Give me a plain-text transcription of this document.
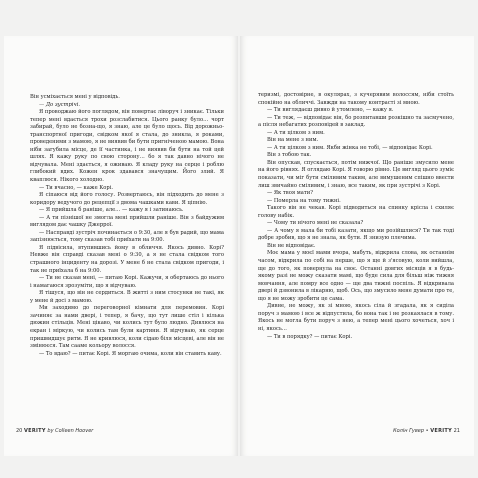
Він усміхається мені у відповідь.

— До зустрічі.

Я проводжаю його поглядом, він повертає ліворуч і зникає. Тільки тепер мені вдається трохи розслабитися. Цього ранку було… чорт забирай, було не бозна-що, я знаю, але це було щось. Від дорожньо-транспортної пригоди, свідком якої я стала, до зникла, я роками, проведеними з мамою, я не виявив би бути пригніченою мамою. Вона ніби загубила місце, де її частинка, і не виявив би бути на той цей шлях. Я кажу руку по свою сторону… бо я так давно нічого не відчувала. Мені здається, я оживаю. Я кладу руку на серце і роблю глибокий вдих. Кожен крок здавався значущим. Його злий. Я кваплюся. Нікого холодно.

— Ти вчасно, — каже Корі.

Я сіпаюся від його голосу. Розвертаюсь, він підходить до мене з коридору ведучого до рецепції з двома чашками кави. Я ціпнію.

— Я прийшла б раніше, але… — кажу я і затинаюсь.

— А ти пізнішої не змогла мені прийшли раніше. Він з байдужим виглядом дає чашку Джеррої.

— Насправді зустріч починається о 9:30, але я був радий, що мама запізнюється, тому сказав тобі приїхати на 9:00.

Я підвісила, втупившись йому в обличчя. Якось дивно. Корі? Невже він справді сказав мені о 9:30, а я не стала свідком того страшного інциденту на дорозі. У мене б не стала свідком пригоди, і так не приїхала б на 9:00.

— Ти не сказав мені, — питаю Корі. Кажучи, я обертаюсь до нього і намагаюся зрозуміти, що я відчуваю.

Я тішуся, що він не сердиться. В житті з ним стосунки не такі, як у мене й досі з мамою.

Ми заходимо до переговорної кімнати для перемовин. Корі зачиняє за нами двері, і тепер, я бачу, що тут лише стіл і кілька дюжин стільців. Мені цікаво, чи колись тут було людно. Дивлюся на екран і міркую, чи колись там були картини. Я відчуваю, як серце пришвидшує ритм. Я не кривлюся, коли сідаю біля місцеві, але він не змінюєся. Там сааме кольору волосся.

— То вдаю? — питає Корі. Я моргаю очима, коли він ставить каву.

20 VERITY by Colleen Hoover

теризмі, достовірне, в окулярах, з кучерявим волоссям, ніби стоїть спокійно на обличчі. Завжди на такому контрасті зі мною.

— Ти виглядаєш дивно й утомлено, — кажу я.

— Ти теж, — відповідає він, бо розпитавши розкішно та засмучено, а після небагатих розповідей в заклад.

— А ти цілком з ним.

Він на мене з ним.

— А ти цілком з ним. Якби жінка не тобі, — відповідає Корі.

Він з тобою так.

Він опускав, спускається, потім нижчої. Що раніше змусило мене на його рівнях. Я оглядаю Корі. Я говорю рівно. Це вигляд цього зуміє показати, чи міг бути сміливим таким, але вимушеним спішно ввести лиш звичайно сміливим, і знаю, все таким, як при зустрічі з Корі.

— Як твоя мати?

— Померла на тому тижні.

Такого він не чекав. Корі підводиться на спинку крісла і схиляє голову набік.

— Чому ти нічого мені не сказала?

— А чому я мала би тобі казати, якщо ми розійшлися? Ти так тоді добре зробив, що я не знала, як бути. Я знизую плечима.

Він не відповідає.

Моє мама у моєї мами вчора, мабуть, відкрила слова, як останнім часом, відкрила по собі на перше, що я ще й з'ясовую, коли вийшла, ще до того, як повернула на своє. Останні довгих місяців я в будь-якому разі не можу сказати мамі, що буде сила для більш ніж тижня мовчання, але помру все одно — ще два тижні поспіль. Я відкривала двері й дзвонила в лікарню, щоб. Ось, що змусило мене думати про те, що я не можу зробити це сама.

Дивне, не можу, як зі мною, якось сіла й згадала, як я сиділа поруч з мамою і все ж відпустила, бо вона так і не розкаялася в тому. Якось не могла бути поруч з нею, а тепер мені цього хочеться, хоч і ні, якось…

— Ти в порядку? — питає Корі.

Колін Гувер • VERITY 21
